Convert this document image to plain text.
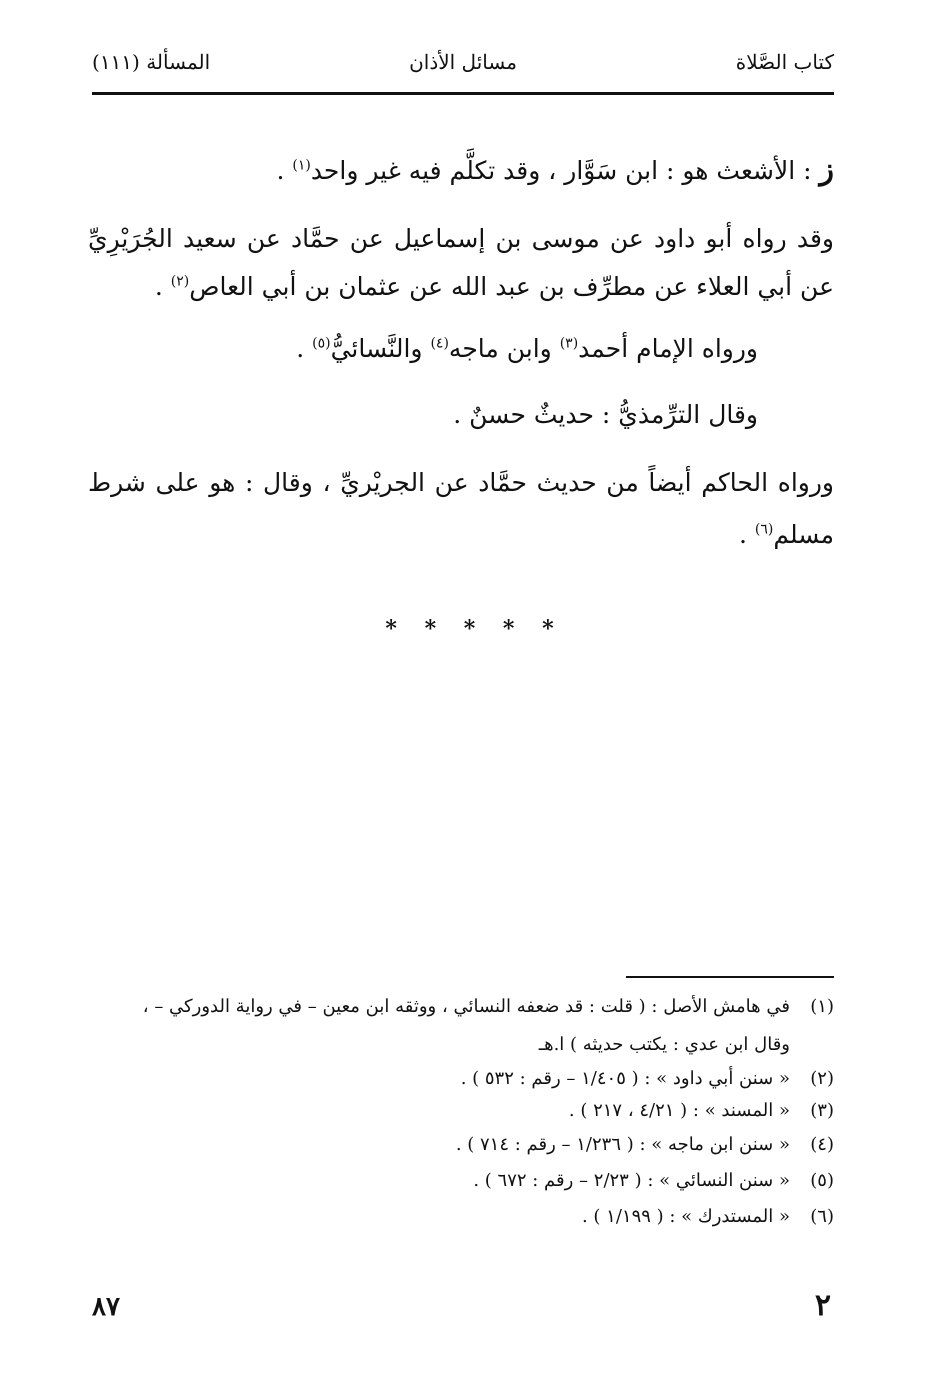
كتاب الصَّلاة
مسائل الأذان
المسألة (١١١)
ز : الأشعث هو : ابن سَوَّار ، وقد تكلَّم فيه غير واحد$^{(١)}$ .
وقد رواه أبو داود عن موسى بن إسماعيل عن حمَّاد عن سعيد الجُرَيْرِيِّ
عن أبي العلاء عن مطرِّف بن عبد الله عن عثمان بن أبي العاص$^{(٢)}$ .
ورواه الإمام أحمد$^{(٣)}$ وابن ماجه$^{(٤)}$ والنَّسائيُّ$^{(٥)}$ .
وقال الترِّمذيُّ : حديثٌ حسنٌ .
ورواه الحاكم أيضاً من حديث حمَّاد عن الجريْريِّ ، وقال : هو على شرط
مسلم$^{(٦)}$ .
* * * * *
(١)في هامش الأصل : ( قلت : قد ضعفه النسائي ، ووثقه ابن معين – في رواية الدوركي – ،
وقال ابن عدي : يكتب حديثه ) ا.هـ
(٢)« سنن أبي داود » : ( ١/٤٠٥ – رقم : ٥٣٢ ) .
(٣)« المسند » : ( ٤/٢١ ، ٢١٧ ) .
(٤)« سنن ابن ماجه » : ( ١/٢٣٦ – رقم : ٧١٤ ) .
(٥)« سنن النسائي » : ( ٢/٢٣ – رقم : ٦٧٢ ) .
(٦)« المستدرك » : ( ١/١٩٩ ) .
٨٧	٢
